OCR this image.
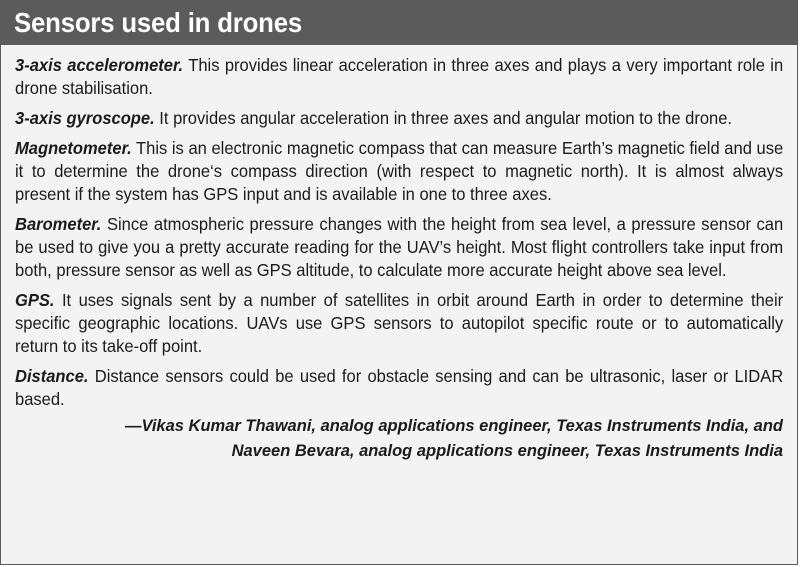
Sensors used in drones

3-axis accelerometer. This provides linear acceleration in three axes and plays a very important role in drone stabilisation.

3-axis gyroscope. It provides angular acceleration in three axes and angular motion to the drone.

Magnetometer. This is an electronic magnetic compass that can measure Earth’s magnetic field and use it to determine the drone‘s compass direction (with respect to magnetic north). It is almost always present if the system has GPS input and is available in one to three axes.

Barometer. Since atmospheric pressure changes with the height from sea level, a pressure sensor can be used to give you a pretty accurate reading for the UAV’s height. Most flight controllers take input from both, pressure sensor as well as GPS altitude, to calculate more accurate height above sea level.

GPS. It uses signals sent by a number of satellites in orbit around Earth in order to determine their specific geographic locations. UAVs use GPS sensors to autopilot specific route or to automatically return to its take-off point.

Distance. Distance sensors could be used for obstacle sensing and can be ultrasonic, laser or LIDAR based.

—Vikas Kumar Thawani, analog applications engineer, Texas Instruments India, and
Naveen Bevara, analog applications engineer, Texas Instruments India
